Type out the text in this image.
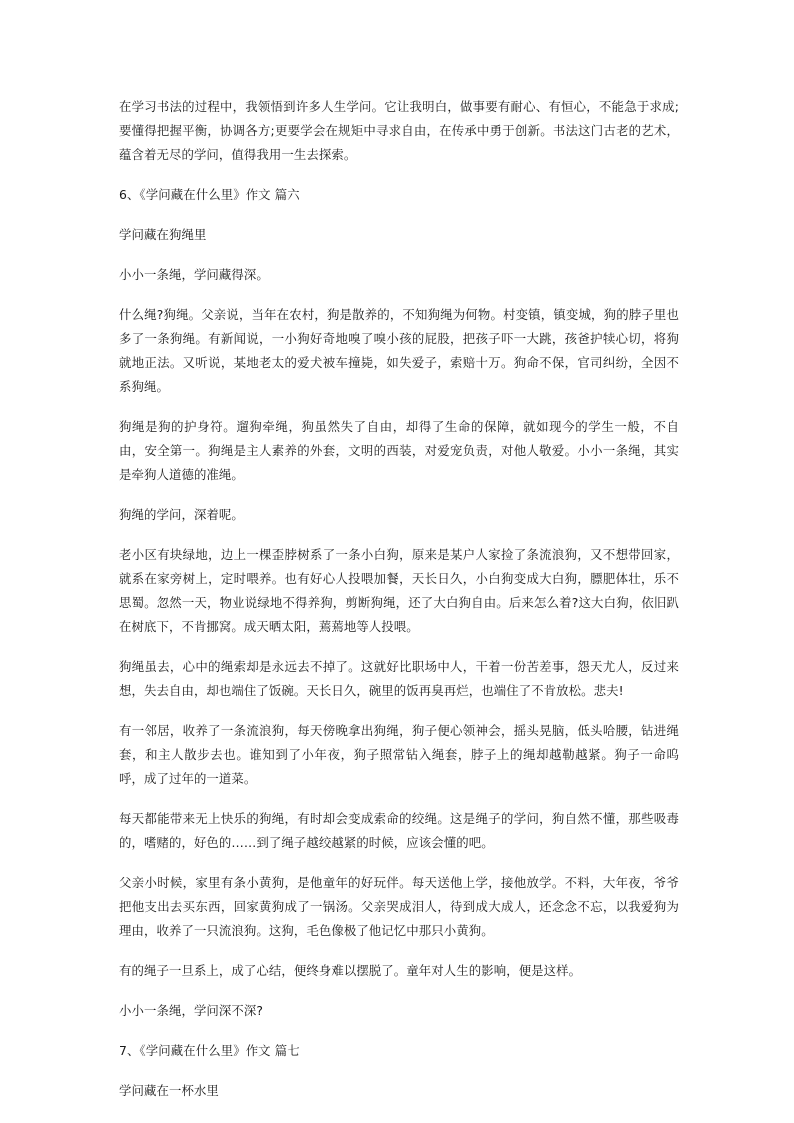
在学习书法的过程中，我领悟到许多人生学问。它让我明白，做事要有耐心、有恒心，不能急于求成;要懂得把握平衡，协调各方;更要学会在规矩中寻求自由，在传承中勇于创新。书法这门古老的艺术，蕴含着无尽的学问，值得我用一生去探索。

6、《学问藏在什么里》作文 篇六

学问藏在狗绳里

小小一条绳，学问藏得深。

什么绳?狗绳。父亲说，当年在农村，狗是散养的，不知狗绳为何物。村变镇，镇变城，狗的脖子里也多了一条狗绳。有新闻说，一小狗好奇地嗅了嗅小孩的屁股，把孩子吓一大跳，孩爸护犊心切，将狗就地正法。又听说，某地老太的爱犬被车撞毙，如失爱子，索赔十万。狗命不保，官司纠纷，全因不系狗绳。

狗绳是狗的护身符。遛狗牵绳，狗虽然失了自由，却得了生命的保障，就如现今的学生一般，不自由，安全第一。狗绳是主人素养的外套，文明的西装，对爱宠负责，对他人敬爱。小小一条绳，其实是牵狗人道德的准绳。

狗绳的学问，深着呢。

老小区有块绿地，边上一棵歪脖树系了一条小白狗，原来是某户人家捡了条流浪狗，又不想带回家，就系在家旁树上，定时喂养。也有好心人投喂加餐，天长日久，小白狗变成大白狗，膘肥体壮，乐不思蜀。忽然一天，物业说绿地不得养狗，剪断狗绳，还了大白狗自由。后来怎么着?这大白狗，依旧趴在树底下，不肯挪窝。成天晒太阳，蔫蔫地等人投喂。

狗绳虽去，心中的绳索却是永远去不掉了。这就好比职场中人，干着一份苦差事，怨天尤人，反过来想，失去自由，却也端住了饭碗。天长日久，碗里的饭再臭再烂，也端住了不肯放松。悲夫!

有一邻居，收养了一条流浪狗，每天傍晚拿出狗绳，狗子便心领神会，摇头晃脑，低头哈腰，钻进绳套，和主人散步去也。谁知到了小年夜，狗子照常钻入绳套，脖子上的绳却越勒越紧。狗子一命呜呼，成了过年的一道菜。

每天都能带来无上快乐的狗绳，有时却会变成索命的绞绳。这是绳子的学问，狗自然不懂，那些吸毒的，嗜赌的，好色的……到了绳子越绞越紧的时候，应该会懂的吧。

父亲小时候，家里有条小黄狗，是他童年的好玩伴。每天送他上学，接他放学。不料，大年夜，爷爷把他支出去买东西，回家黄狗成了一锅汤。父亲哭成泪人，待到成大成人，还念念不忘，以我爱狗为理由，收养了一只流浪狗。这狗，毛色像极了他记忆中那只小黄狗。

有的绳子一旦系上，成了心结，便终身难以摆脱了。童年对人生的影响，便是这样。

小小一条绳，学问深不深?

7、《学问藏在什么里》作文 篇七

学问藏在一杯水里
